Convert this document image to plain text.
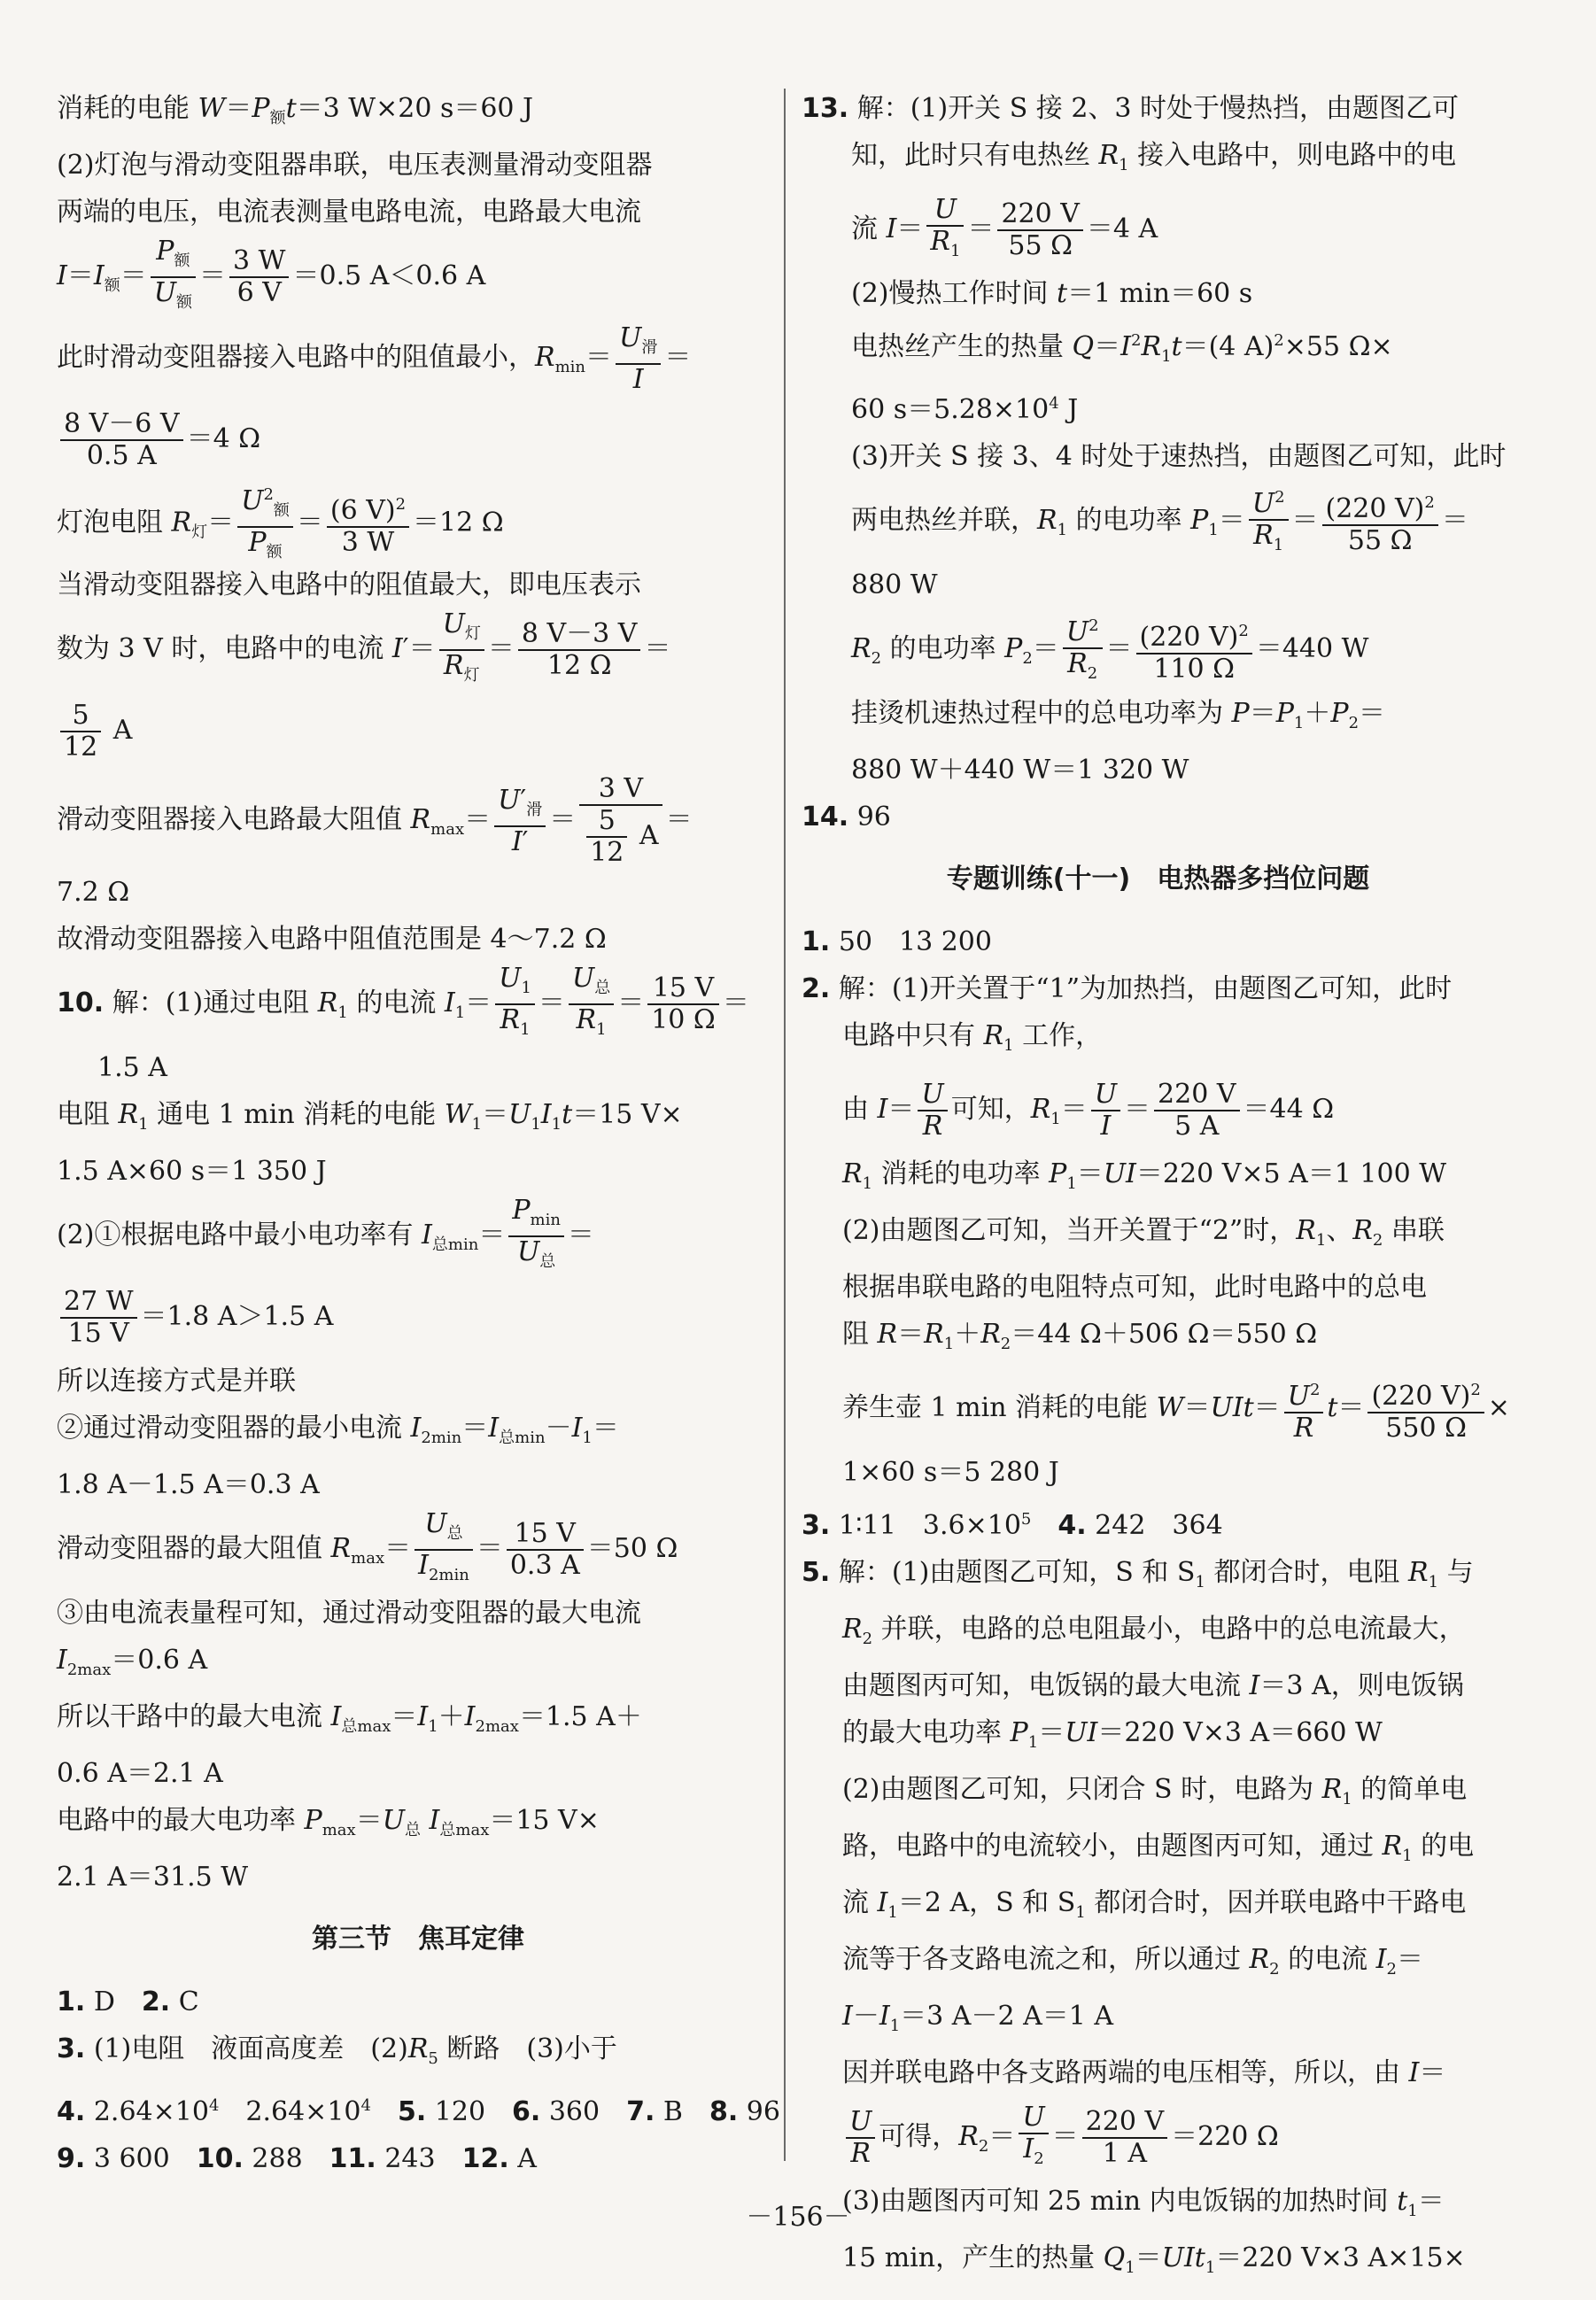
消耗的电能 $W=P_额t=3$ W×20 s＝60 J
(2)灯泡与滑动变阻器串联，电压表测量滑动变阻器
两端的电压，电流表测量电路电流，电路最大电流
$I=I_额= \frac{P_额}{U_额} = \frac{3 W}{6 V} =0.5$ A＜0.6 A
此时滑动变阻器接入电路中的阻值最小，$R_{min}= \frac{U_滑}{I}$ ＝
$\frac{8 V-6 V}{0.5 A} =4$ Ω
灯泡电阻 $R_灯= \frac{U^2_额}{P_额} = \frac{(6 V)^2}{3 W} =12$ Ω
当滑动变阻器接入电路中的阻值最大，即电压表示
数为 3 V 时，电路中的电流 $I'= \frac{U_灯}{R_灯} = \frac{8 V-3 V}{12 \Omega}$ ＝
$\frac{5}{12}$ A
滑动变阻器接入电路最大阻值 $R_{max}= \frac{U'_滑}{I'} = \frac{3 V}{\frac{5}{12} A}$ ＝
7.2 Ω
故滑动变阻器接入电路中阻值范围是 4～7.2 Ω
10. 解：(1)通过电阻 $R_1$ 的电流 $I_1= \frac{U_1}{R_1} = \frac{U_总}{R_1} = \frac{15 V}{10 \Omega}$ ＝
1.5 A
电阻 $R_1$ 通电 1 min 消耗的电能 $W_1=U_1I_1t=15$ V×
1.5 A×60 s＝1 350 J
(2)①根据电路中最小电功率有 $I_{总min}= \frac{P_{min}}{U_总}$ ＝
$\frac{27 W}{15 V} =1.8$ A＞1.5 A
所以连接方式是并联
②通过滑动变阻器的最小电流 $I_{2min}=I_{总min}-I_1=$
1.8 A－1.5 A＝0.3 A
滑动变阻器的最大阻值 $R_{max}= \frac{U_总}{I_{2min}} = \frac{15 V}{0.3 A} =50$ Ω
③由电流表量程可知，通过滑动变阻器的最大电流
$I_{2max}=0.6$ A
所以干路中的最大电流 $I_{总max}=I_1+I_{2max}=1.5$ A＋
0.6 A＝2.1 A
电路中的最大电功率 $P_{max}=U_总$ $I_{总max}=15$ V×
2.1 A＝31.5 W
第三节　焦耳定律
1. D　2. C
3. (1)电阻　液面高度差　$(2)R_5$ 断路　(3)小于
4. $2.64\times 10^4$　$2.64\times 10^4$　 5. 120　6. 360　7. B　8. 96
9. 3 600　10. 288　11. 243　12. A
13. 解：(1)开关 S 接 2、3 时处于慢热挡，由题图乙可
知，此时只有电热丝 $R_1$ 接入电路中，则电路中的电
流 $I= \frac{U}{R_1} = \frac{220 V}{55 \Omega} =4$ A
(2)慢热工作时间 t＝1 min＝60 s
电热丝产生的热量 $Q=I^2R_1t=(4$ A)$^2$×55 Ω×
60 $s=5.28\times 10^4$ J
(3)开关 S 接 3、4 时处于速热挡，由题图乙可知，此时
两电热丝并联，$R_1$ 的电功率 $P_1= \frac{U^2}{R_1} = \frac{(220 V)^2}{55 \Omega}$ ＝
880 W
$R_2$ 的电功率 $P_2= \frac{U^2}{R_2} = \frac{(220 V)^2}{110 \Omega} =440$ W
挂烫机速热过程中的总电功率为 $P=P_1+P_2=$
880 W＋440 W＝1 320 W
14. 96
专题训练(十一)　电热器多挡位问题
1. 50　13 200
2. 解：(1)开关置于“1”为加热挡，由题图乙可知，此时
电路中只有 $R_1$ 工作，
由 $I= \frac{U}{R}$ 可知，$R_1= \frac{U}{I} = \frac{220 V}{5 A} =44$ Ω
$R_1$ 消耗的电功率 $P_1=UI=220$ V×5 A＝1 100 W
(2)由题图乙可知，当开关置于“2”时，$R_1$、$R_2$ 串联
根据串联电路的电阻特点可知，此时电路中的总电
阻 $R=R_1+R_2=44$ Ω＋506 Ω＝550 Ω
养生壶 1 min 消耗的电能 $W=UIt= \frac{U^2}{R} t= \frac{(220 V)^2}{550 \Omega}$ ×
1×60 s＝5 280 J
3. 1∶11　$3.6\times 10^5$　 4. 242　364
5. 解：(1)由题图乙可知，S 和 $S_1$ 都闭合时，电阻 $R_1$ 与
$R_2$ 并联，电路的总电阻最小，电路中的总电流最大，
由题图丙可知，电饭锅的最大电流 I＝3 A，则电饭锅
的最大电功率 $P_1=UI=220$ V×3 A＝660 W
(2)由题图乙可知，只闭合 S 时，电路为 $R_1$ 的简单电
路，电路中的电流较小，由题图丙可知，通过 $R_1$ 的电
流 $I_1=2$ A，S 和 $S_1$ 都闭合时，因并联电路中干路电
流等于各支路电流之和，所以通过 $R_2$ 的电流 $I_2=$
$I-I_1=3$ A－2 A＝1 A
因并联电路中各支路两端的电压相等，所以，由 I＝
$\frac{U}{R}$ 可得，$R_2= \frac{U}{I_2} = \frac{220 V}{1 A} =220$ Ω
(3)由题图丙可知 25 min 内电饭锅的加热时间 $t_1=$
15 min，产生的热量 $Q_1=UIt_1=220$ V×3 A×15×
－156－
